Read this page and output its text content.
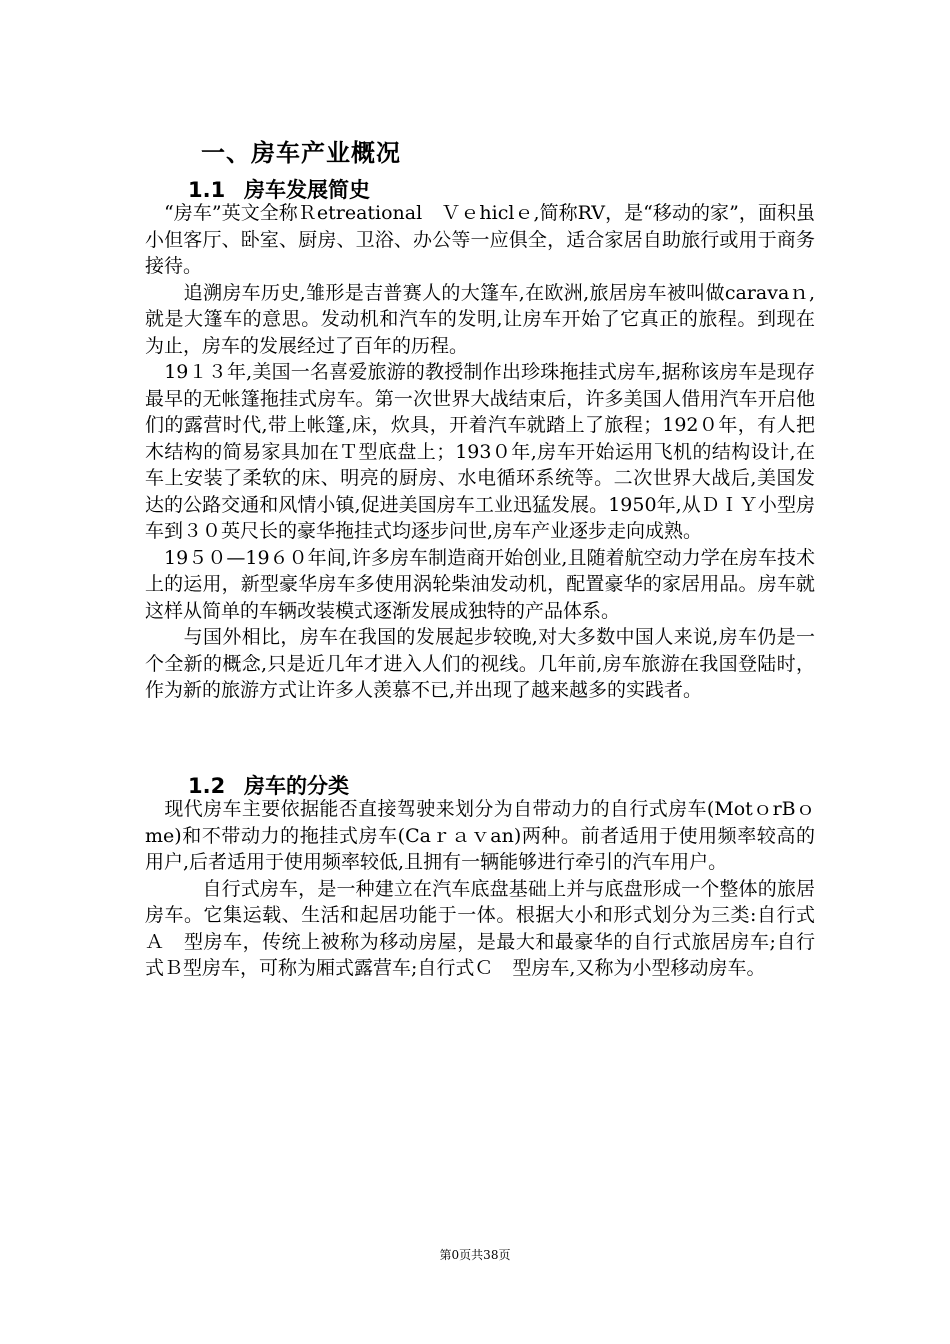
一、房车产业概况
1.1 房车发展简史

　“房车”英文全称Ｒetreational　Ｖｅhiclｅ,简称RV，是“移动的家”，面积虽小但客厅、卧室、厨房、卫浴、办公等一应俱全，适合家居自助旅行或用于商务接待。

　　追溯房车历史,雏形是吉普赛人的大篷车,在欧洲,旅居房车被叫做caravaｎ,就是大篷车的意思。发动机和汽车的发明,让房车开始了它真正的旅程。到现在为止，房车的发展经过了百年的历程。

　19１３年,美国一名喜爱旅游的教授制作出珍珠拖挂式房车,据称该房车是现存最早的无帐篷拖挂式房车。第一次世界大战结束后，许多美国人借用汽车开启他们的露营时代,带上帐篷,床，炊具，开着汽车就踏上了旅程；192０年，有人把木结构的简易家具加在Ｔ型底盘上；193０年,房车开始运用飞机的结构设计,在车上安装了柔软的床、明亮的厨房、水电循环系统等。二次世界大战后,美国发达的公路交通和风情小镇,促进美国房车工业迅猛发展。1950年,从ＤＩＹ小型房车到３０英尺长的豪华拖挂式均逐步问世,房车产业逐步走向成熟。

　19５０—19６０年间,许多房车制造商开始创业,且随着航空动力学在房车技术上的运用，新型豪华房车多使用涡轮柴油发动机，配置豪华的家居用品。房车就这样从简单的车辆改装模式逐渐发展成独特的产品体系。

　　与国外相比，房车在我国的发展起步较晚,对大多数中国人来说,房车仍是一个全新的概念,只是近几年才进入人们的视线。几年前,房车旅游在我国登陆时，作为新的旅游方式让许多人羡慕不已,并出现了越来越多的实践者。

1.2 房车的分类

　现代房车主要依据能否直接驾驶来划分为自带动力的自行式房车(MotｏrBｏme)和不带动力的拖挂式房车(Caｒａｖan)两种。前者适用于使用频率较高的用户,后者适用于使用频率较低,且拥有一辆能够进行牵引的汽车用户。

　　　自行式房车，是一种建立在汽车底盘基础上并与底盘形成一个整体的旅居房车。它集运载、生活和起居功能于一体。根据大小和形式划分为三类:自行式Ａ　型房车，传统上被称为移动房屋，是最大和最豪华的自行式旅居房车;自行式Ｂ型房车，可称为厢式露营车;自行式Ｃ　型房车,又称为小型移动房车。

第0页共38页
